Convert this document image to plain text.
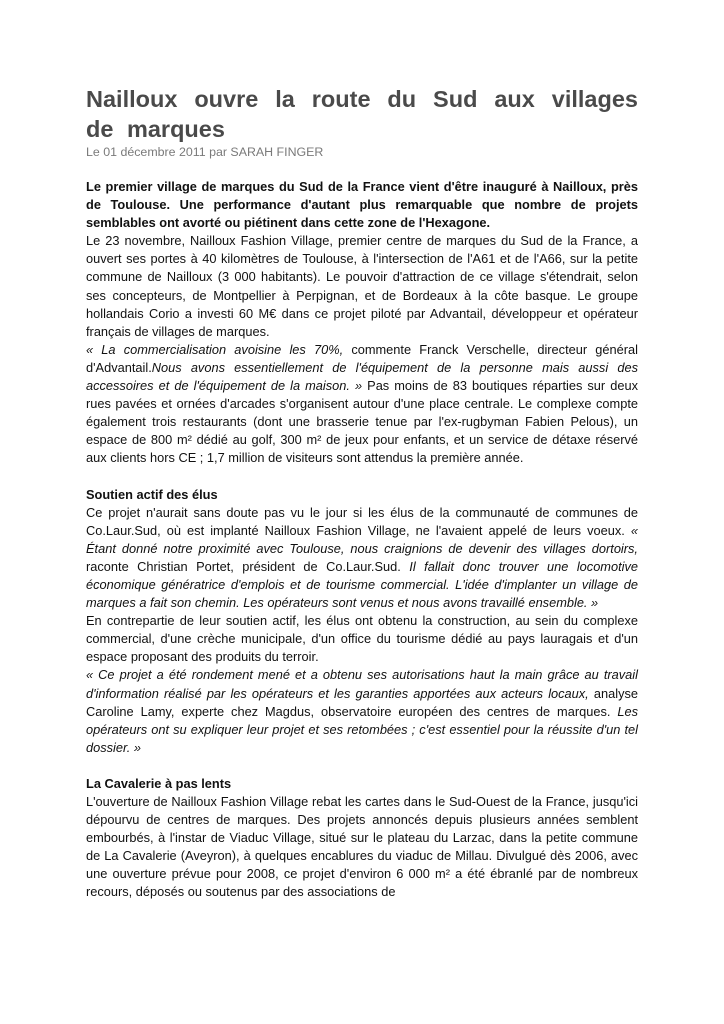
Nailloux ouvre la route du Sud aux villages de marques
Le 01 décembre 2011 par SARAH FINGER

Le premier village de marques du Sud de la France vient d'être inauguré à Nailloux, près de Toulouse. Une performance d'autant plus remarquable que nombre de projets semblables ont avorté ou piétinent dans cette zone de l'Hexagone.

Le 23 novembre, Nailloux Fashion Village, premier centre de marques du Sud de la France, a ouvert ses portes à 40 kilomètres de Toulouse, à l'intersection de l'A61 et de l'A66, sur la petite commune de Nailloux (3 000 habitants). Le pouvoir d'attraction de ce village s'étendrait, selon ses concepteurs, de Montpellier à Perpignan, et de Bordeaux à la côte basque. Le groupe hollandais Corio a investi 60 M€ dans ce projet piloté par Advantail, développeur et opérateur français de villages de marques.

« La commercialisation avoisine les 70%, commente Franck Verschelle, directeur général d'Advantail.Nous avons essentiellement de l'équipement de la personne mais aussi des accessoires et de l'équipement de la maison. » Pas moins de 83 boutiques réparties sur deux rues pavées et ornées d'arcades s'organisent autour d'une place centrale. Le complexe compte également trois restaurants (dont une brasserie tenue par l'ex-rugbyman Fabien Pelous), un espace de 800 m² dédié au golf, 300 m² de jeux pour enfants, et un service de détaxe réservé aux clients hors CE ; 1,7 million de visiteurs sont attendus la première année.

Soutien actif des élus

Ce projet n'aurait sans doute pas vu le jour si les élus de la communauté de communes de Co.Laur.Sud, où est implanté Nailloux Fashion Village, ne l'avaient appelé de leurs voeux. « Étant donné notre proximité avec Toulouse, nous craignions de devenir des villages dortoirs, raconte Christian Portet, président de Co.Laur.Sud. Il fallait donc trouver une locomotive économique génératrice d'emplois et de tourisme commercial. L'idée d'implanter un village de marques a fait son chemin. Les opérateurs sont venus et nous avons travaillé ensemble. »

En contrepartie de leur soutien actif, les élus ont obtenu la construction, au sein du complexe commercial, d'une crèche municipale, d'un office du tourisme dédié au pays lauragais et d'un espace proposant des produits du terroir.

« Ce projet a été rondement mené et a obtenu ses autorisations haut la main grâce au travail d'information réalisé par les opérateurs et les garanties apportées aux acteurs locaux, analyse Caroline Lamy, experte chez Magdus, observatoire européen des centres de marques. Les opérateurs ont su expliquer leur projet et ses retombées ; c'est essentiel pour la réussite d'un tel dossier. »

La Cavalerie à pas lents

L'ouverture de Nailloux Fashion Village rebat les cartes dans le Sud-Ouest de la France, jusqu'ici dépourvu de centres de marques. Des projets annoncés depuis plusieurs années semblent embourbés, à l'instar de Viaduc Village, situé sur le plateau du Larzac, dans la petite commune de La Cavalerie (Aveyron), à quelques encablures du viaduc de Millau. Divulgué dès 2006, avec une ouverture prévue pour 2008, ce projet d'environ 6 000 m² a été ébranlé par de nombreux recours, déposés ou soutenus par des associations de
